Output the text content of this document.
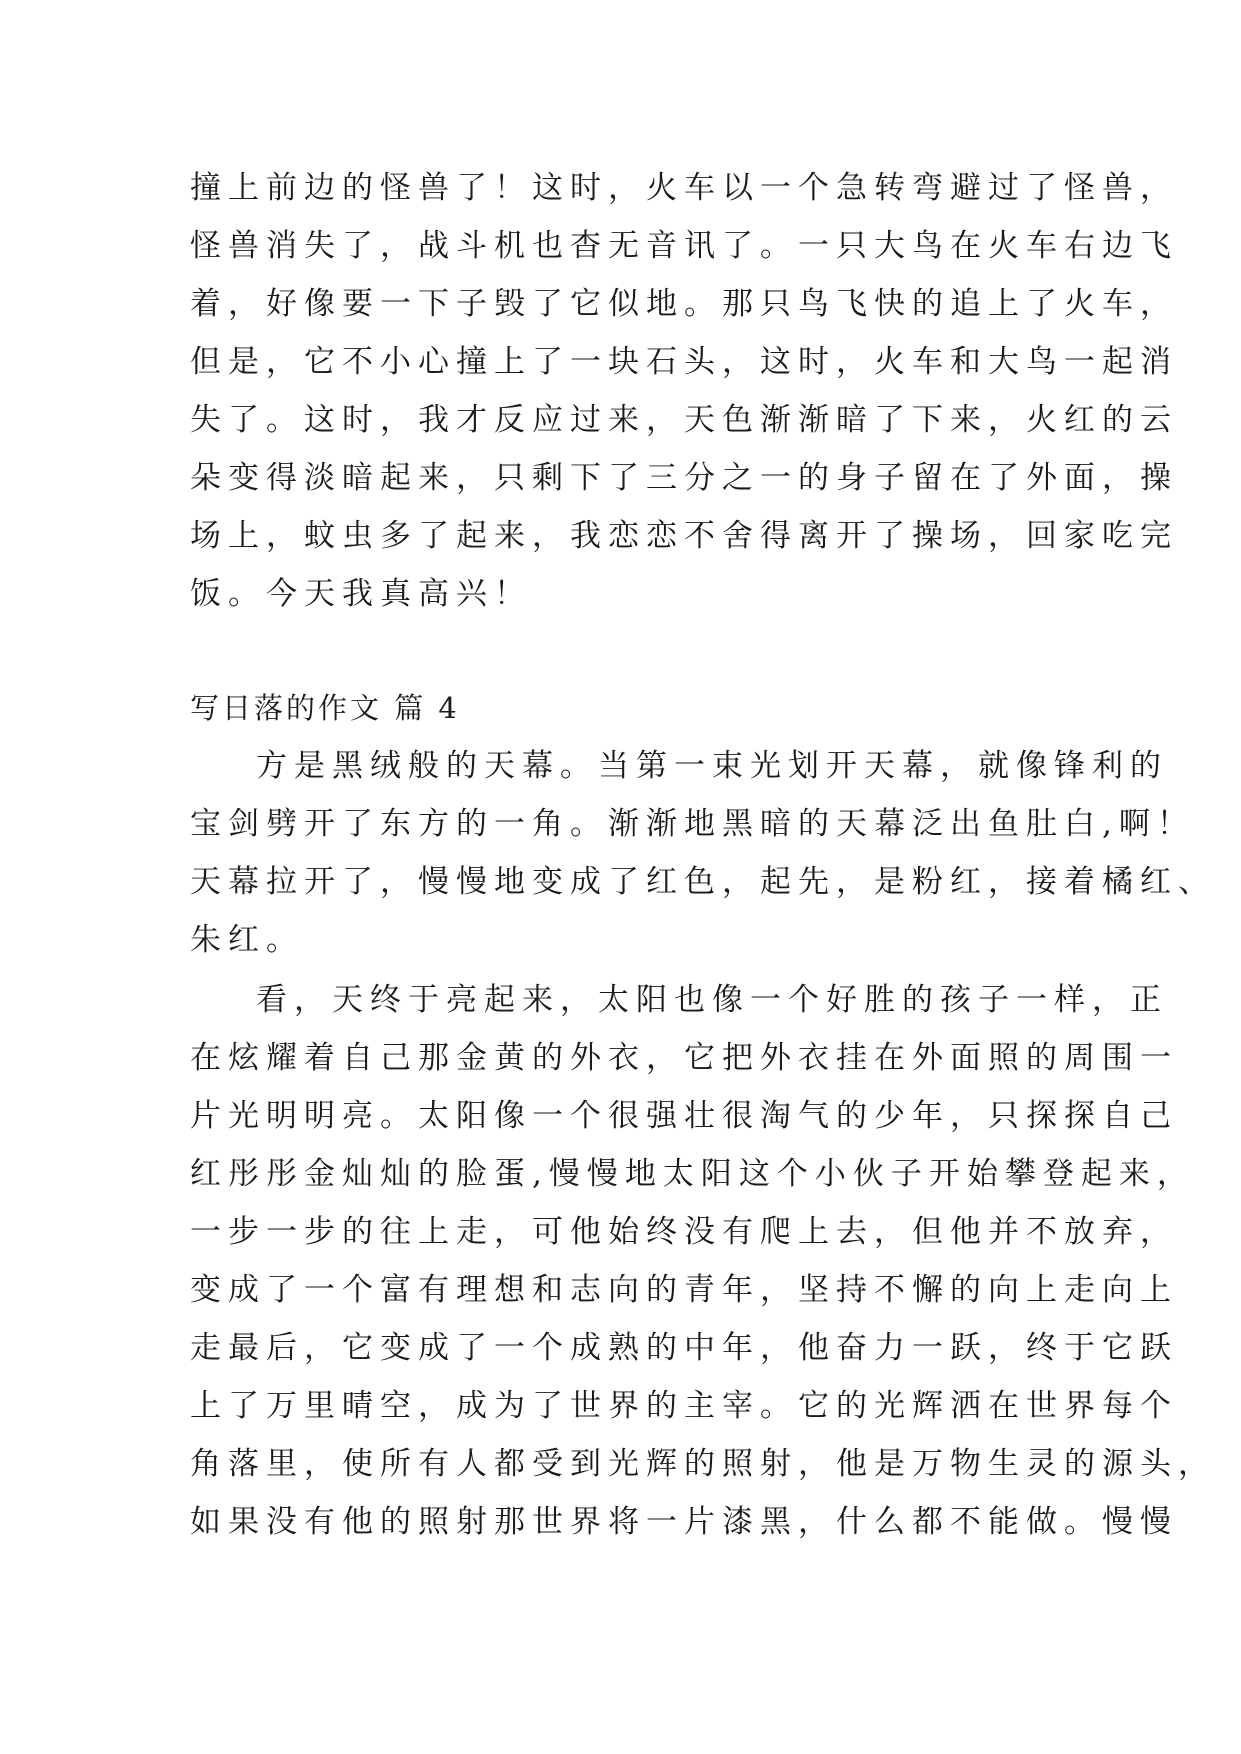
撞上前边的怪兽了！这时，火车以一个急转弯避过了怪兽，
怪兽消失了，战斗机也杳无音讯了。一只大鸟在火车右边飞
着，好像要一下子毁了它似地。那只鸟飞快的追上了火车，
但是，它不小心撞上了一块石头，这时，火车和大鸟一起消
失了。这时，我才反应过来，天色渐渐暗了下来，火红的云
朵变得淡暗起来，只剩下了三分之一的身子留在了外面，操
场上，蚊虫多了起来，我恋恋不舍得离开了操场，回家吃完
饭。今天我真高兴！
写日落的作文 篇 4
方是黑绒般的天幕。当第一束光划开天幕，就像锋利的
宝剑劈开了东方的一角。渐渐地黑暗的天幕泛出鱼肚白,啊！
天幕拉开了，慢慢地变成了红色，起先，是粉红，接着橘红、
朱红。
看，天终于亮起来，太阳也像一个好胜的孩子一样，正
在炫耀着自己那金黄的外衣，它把外衣挂在外面照的周围一
片光明明亮。太阳像一个很强壮很淘气的少年，只探探自己
红彤彤金灿灿的脸蛋,慢慢地太阳这个小伙子开始攀登起来，
一步一步的往上走，可他始终没有爬上去，但他并不放弃，
变成了一个富有理想和志向的青年，坚持不懈的向上走向上
走最后，它变成了一个成熟的中年，他奋力一跃，终于它跃
上了万里晴空，成为了世界的主宰。它的光辉洒在世界每个
角落里，使所有人都受到光辉的照射，他是万物生灵的源头，
如果没有他的照射那世界将一片漆黑，什么都不能做。慢慢
